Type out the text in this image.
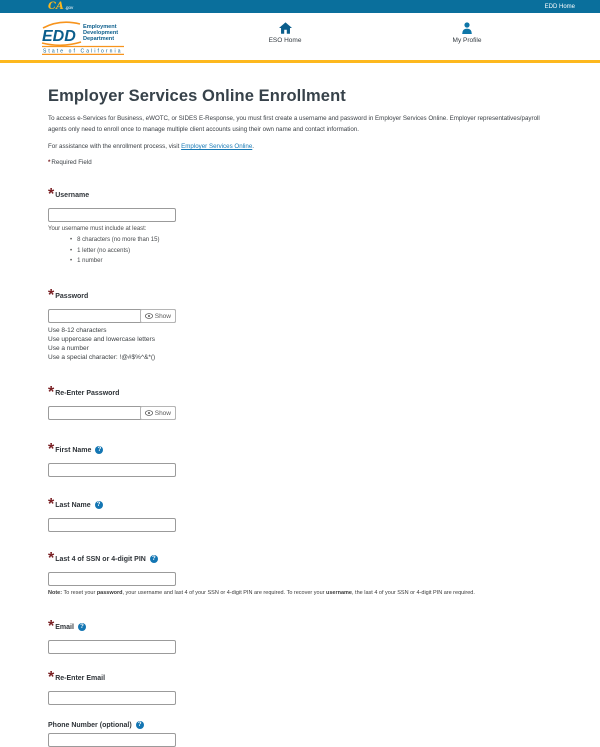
CA .gov	EDD Home
EDD
Employment
Development
Department
State of California
ESO Home	My Profile
Employer Services Online Enrollment

To access e-Services for Business, eWOTC, or SIDES E-Response, you must first create a username and password in Employer Services Online. Employer representatives/payroll agents only need to enroll once to manage multiple client accounts using their own name and contact information.

For assistance with the enrollment process, visit Employer Services Online.

*Required Field

* Username
Your username must include at least:
• 8 characters (no more than 15)
• 1 letter (no accents)
• 1 number
* Password
Show
Use 8-12 characters
Use uppercase and lowercase letters
Use a number
Use a special character: !@#$%^&*()
* Re-Enter Password
Show
* First Name	?
* Last Name	?
* Last 4 of SSN or 4-digit PIN	?

Note: To reset your password, your username and last 4 of your SSN or 4-digit PIN are required. To recover your username, the last 4 of your SSN or 4-digit PIN are required.

* Email	?
* Re-Enter Email
Phone Number (optional)	?
